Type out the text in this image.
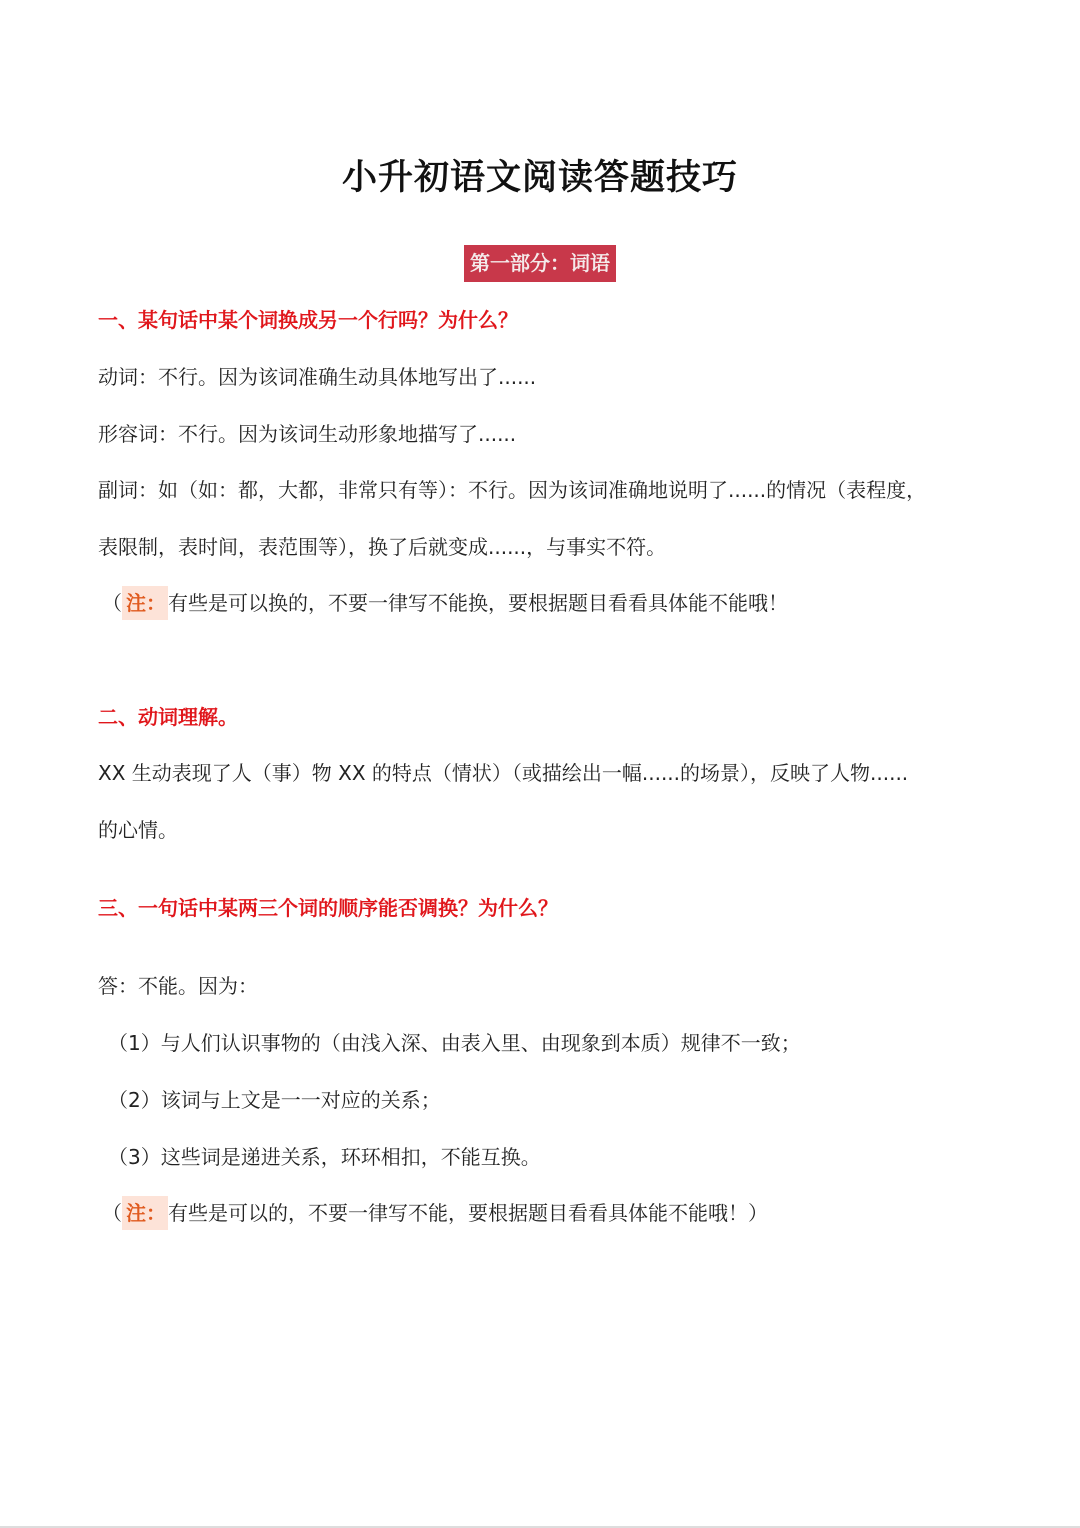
小升初语文阅读答题技巧
第一部分：词语
一、某句话中某个词换成另一个行吗？为什么？
动词：不行。因为该词准确生动具体地写出了......
形容词：不行。因为该词生动形象地描写了......
副词：如（如：都，大都，非常只有等）：不行。因为该词准确地说明了......的情况（表程度，
表限制，表时间，表范围等），换了后就变成......，与事实不符。
（ 注： 有些是可以换的，不要一律写不能换，要根据题目看看具体能不能哦！
二、动词理解。
XX 生动表现了人（事）物 XX 的特点（情状）（或描绘出一幅......的场景），反映了人物......
的心情。
三、一句话中某两三个词的顺序能否调换？为什么？
答：不能。因为：
（1）与人们认识事物的（由浅入深、由表入里、由现象到本质）规律不一致；
（2）该词与上文是一一对应的关系；
（3）这些词是递进关系，环环相扣，不能互换。
（ 注： 有些是可以的，不要一律写不能，要根据题目看看具体能不能哦！）
